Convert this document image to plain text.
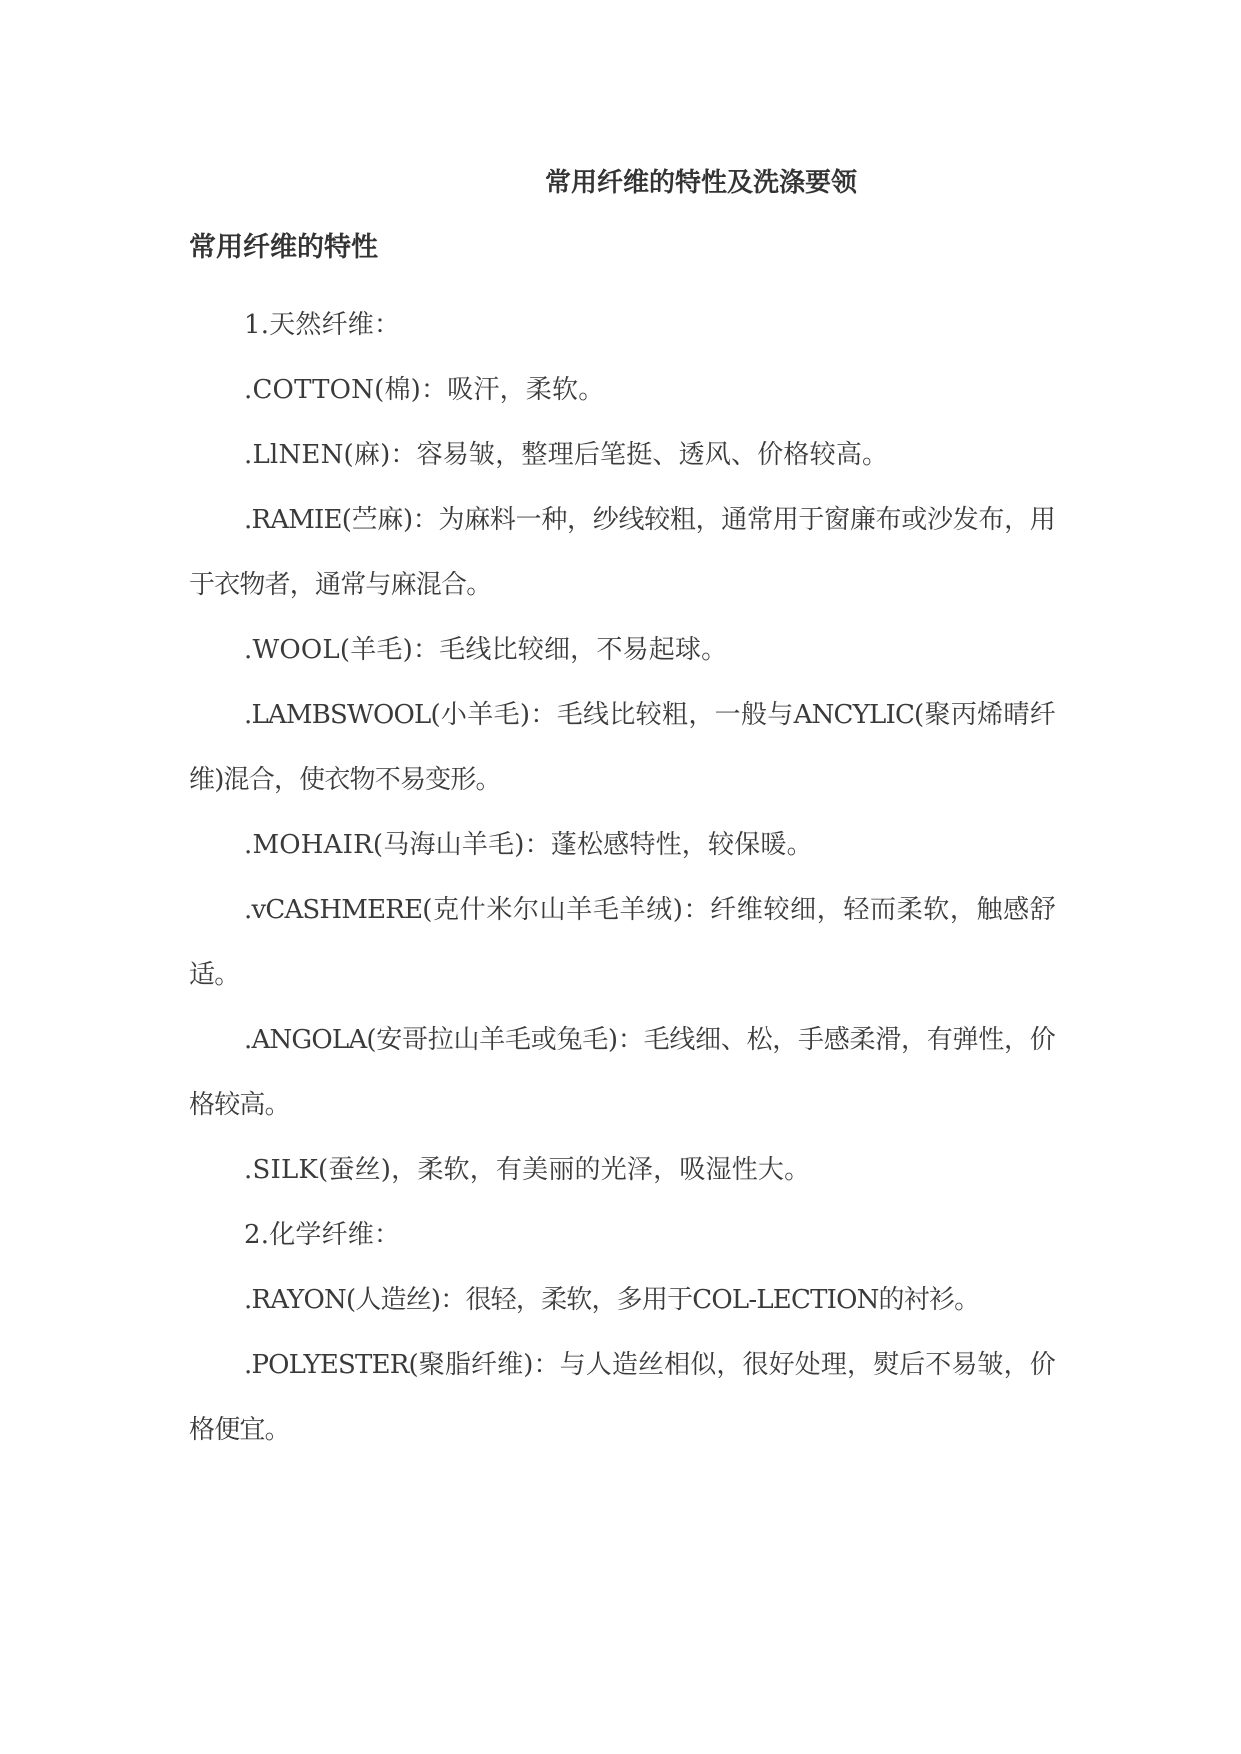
常用纤维的特性及洗涤要领
常用纤维的特性

1.天然纤维：

.COTTON(棉)：吸汗，柔软。

.LlNEN(麻)：容易皱，整理后笔挺、透风、价格较高。

.RAMIE(苎麻)：为麻料一种，纱线较粗，通常用于窗廉布或沙发布，用于衣物者，通常与麻混合。

.WOOL(羊毛)：毛线比较细，不易起球。

.LAMBSWOOL(小羊毛)：毛线比较粗，一般与ANCYLIC(聚丙烯晴纤维)混合，使衣物不易变形。

.MOHAIR(马海山羊毛)：蓬松感特性，较保暖。

.vCASHMERE(克什米尔山羊毛羊绒)：纤维较细，轻而柔软，触感舒适。

.ANGOLA(安哥拉山羊毛或兔毛)：毛线细、松，手感柔滑，有弹性，价格较高。

.SILK(蚕丝)，柔软，有美丽的光泽，吸湿性大。

2.化学纤维：

.RAYON(人造丝)：很轻，柔软，多用于COL-LECTION的衬衫。

.POLYESTER(聚脂纤维)：与人造丝相似，很好处理，熨后不易皱，价格便宜。
